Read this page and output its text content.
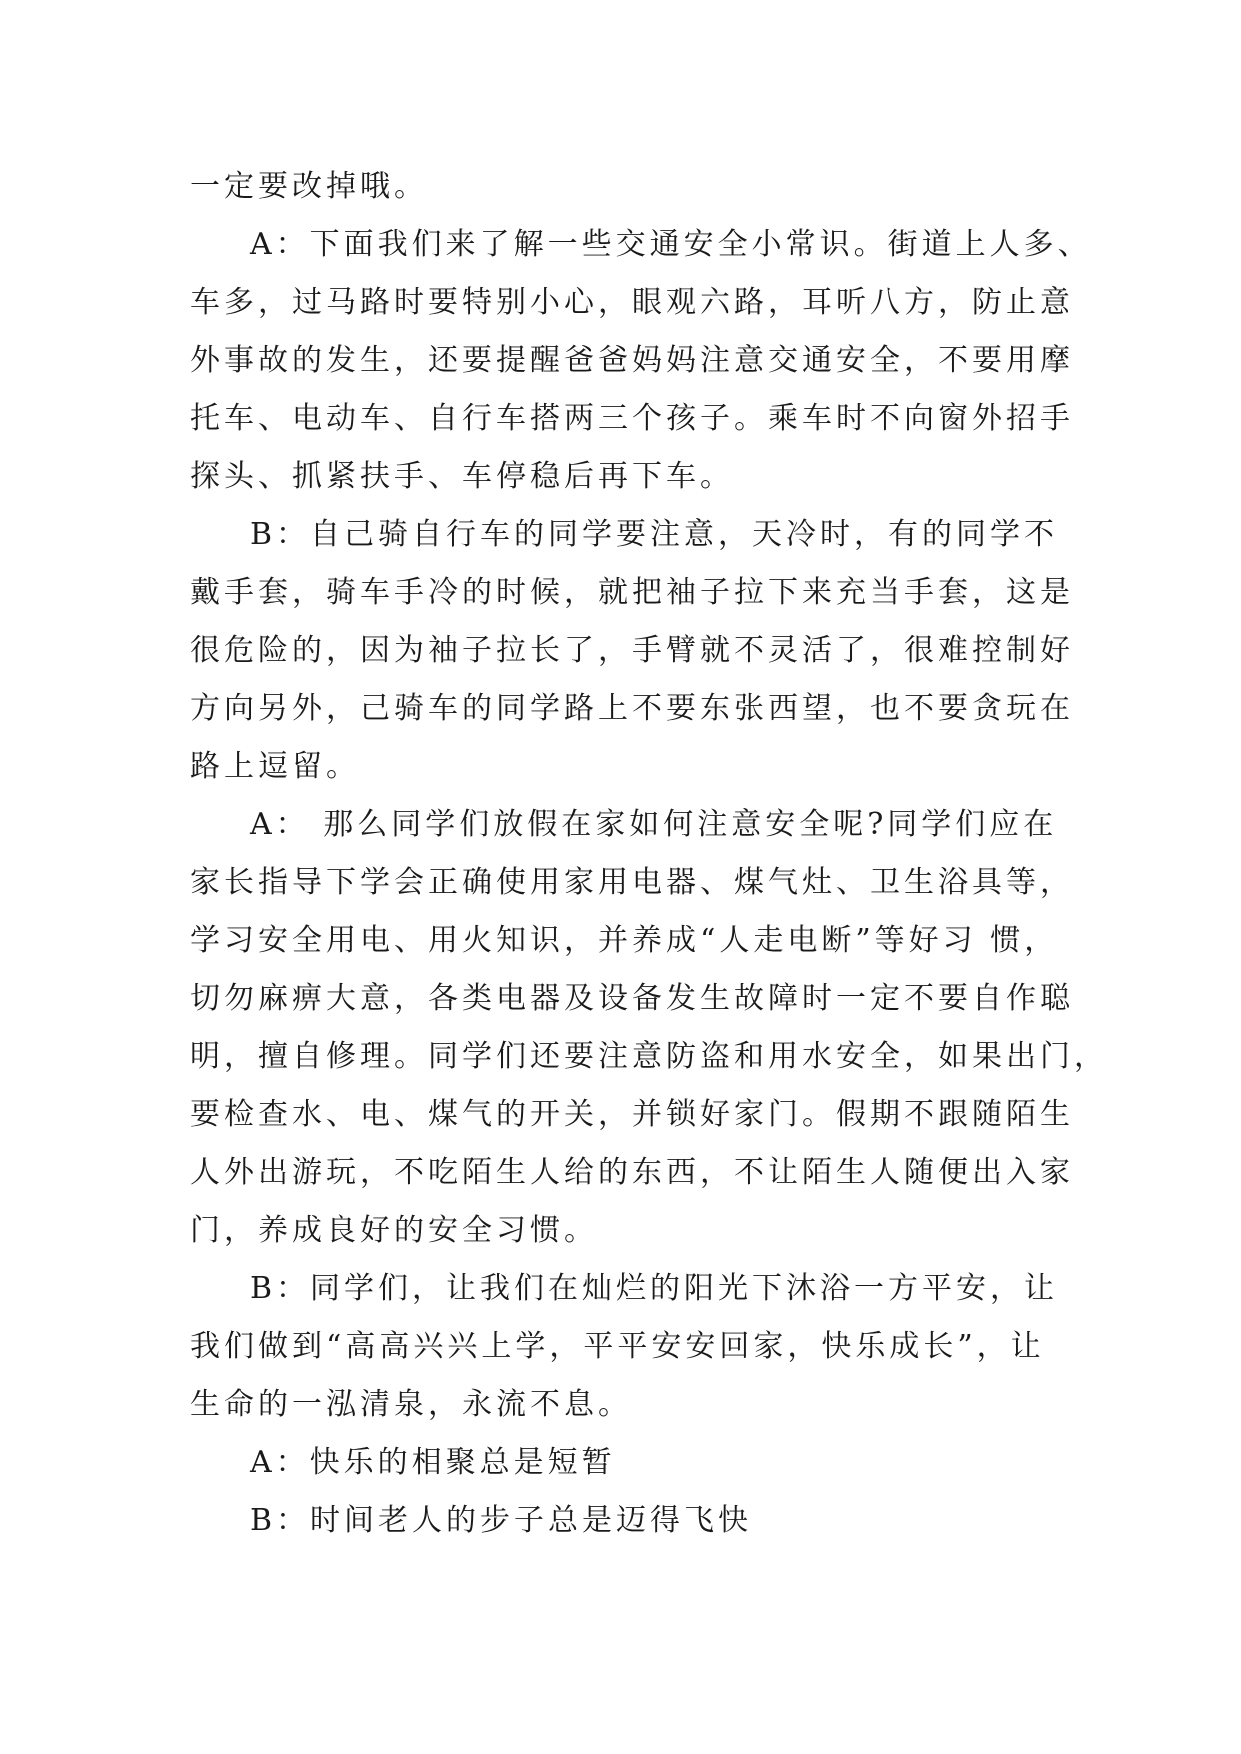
一定要改掉哦。
A：下面我们来了解一些交通安全小常识。街道上人多、
车多，过马路时要特别小心，眼观六路，耳听八方，防止意
外事故的发生，还要提醒爸爸妈妈注意交通安全，不要用摩
托车、电动车、自行车搭两三个孩子。乘车时不向窗外招手
探头、抓紧扶手、车停稳后再下车。
B：自己骑自行车的同学要注意，天冷时，有的同学不
戴手套，骑车手冷的时候，就把袖子拉下来充当手套，这是
很危险的，因为袖子拉长了，手臂就不灵活了，很难控制好
方向另外，己骑车的同学路上不要东张西望，也不要贪玩在
路上逗留。
A： 那么同学们放假在家如何注意安全呢?同学们应在
家长指导下学会正确使用家用电器、煤气灶、卫生浴具等，
学习安全用电、用火知识，并养成“人走电断”等好习 惯，
切勿麻痹大意，各类电器及设备发生故障时一定不要自作聪
明，擅自修理。同学们还要注意防盗和用水安全，如果出门，
要检查水、电、煤气的开关，并锁好家门。假期不跟随陌生
人外出游玩，不吃陌生人给的东西，不让陌生人随便出入家
门，养成良好的安全习惯。
B：同学们，让我们在灿烂的阳光下沐浴一方平安，让
我们做到“高高兴兴上学，平平安安回家，快乐成长”，让
生命的一泓清泉，永流不息。
A：快乐的相聚总是短暂
B：时间老人的步子总是迈得飞快
